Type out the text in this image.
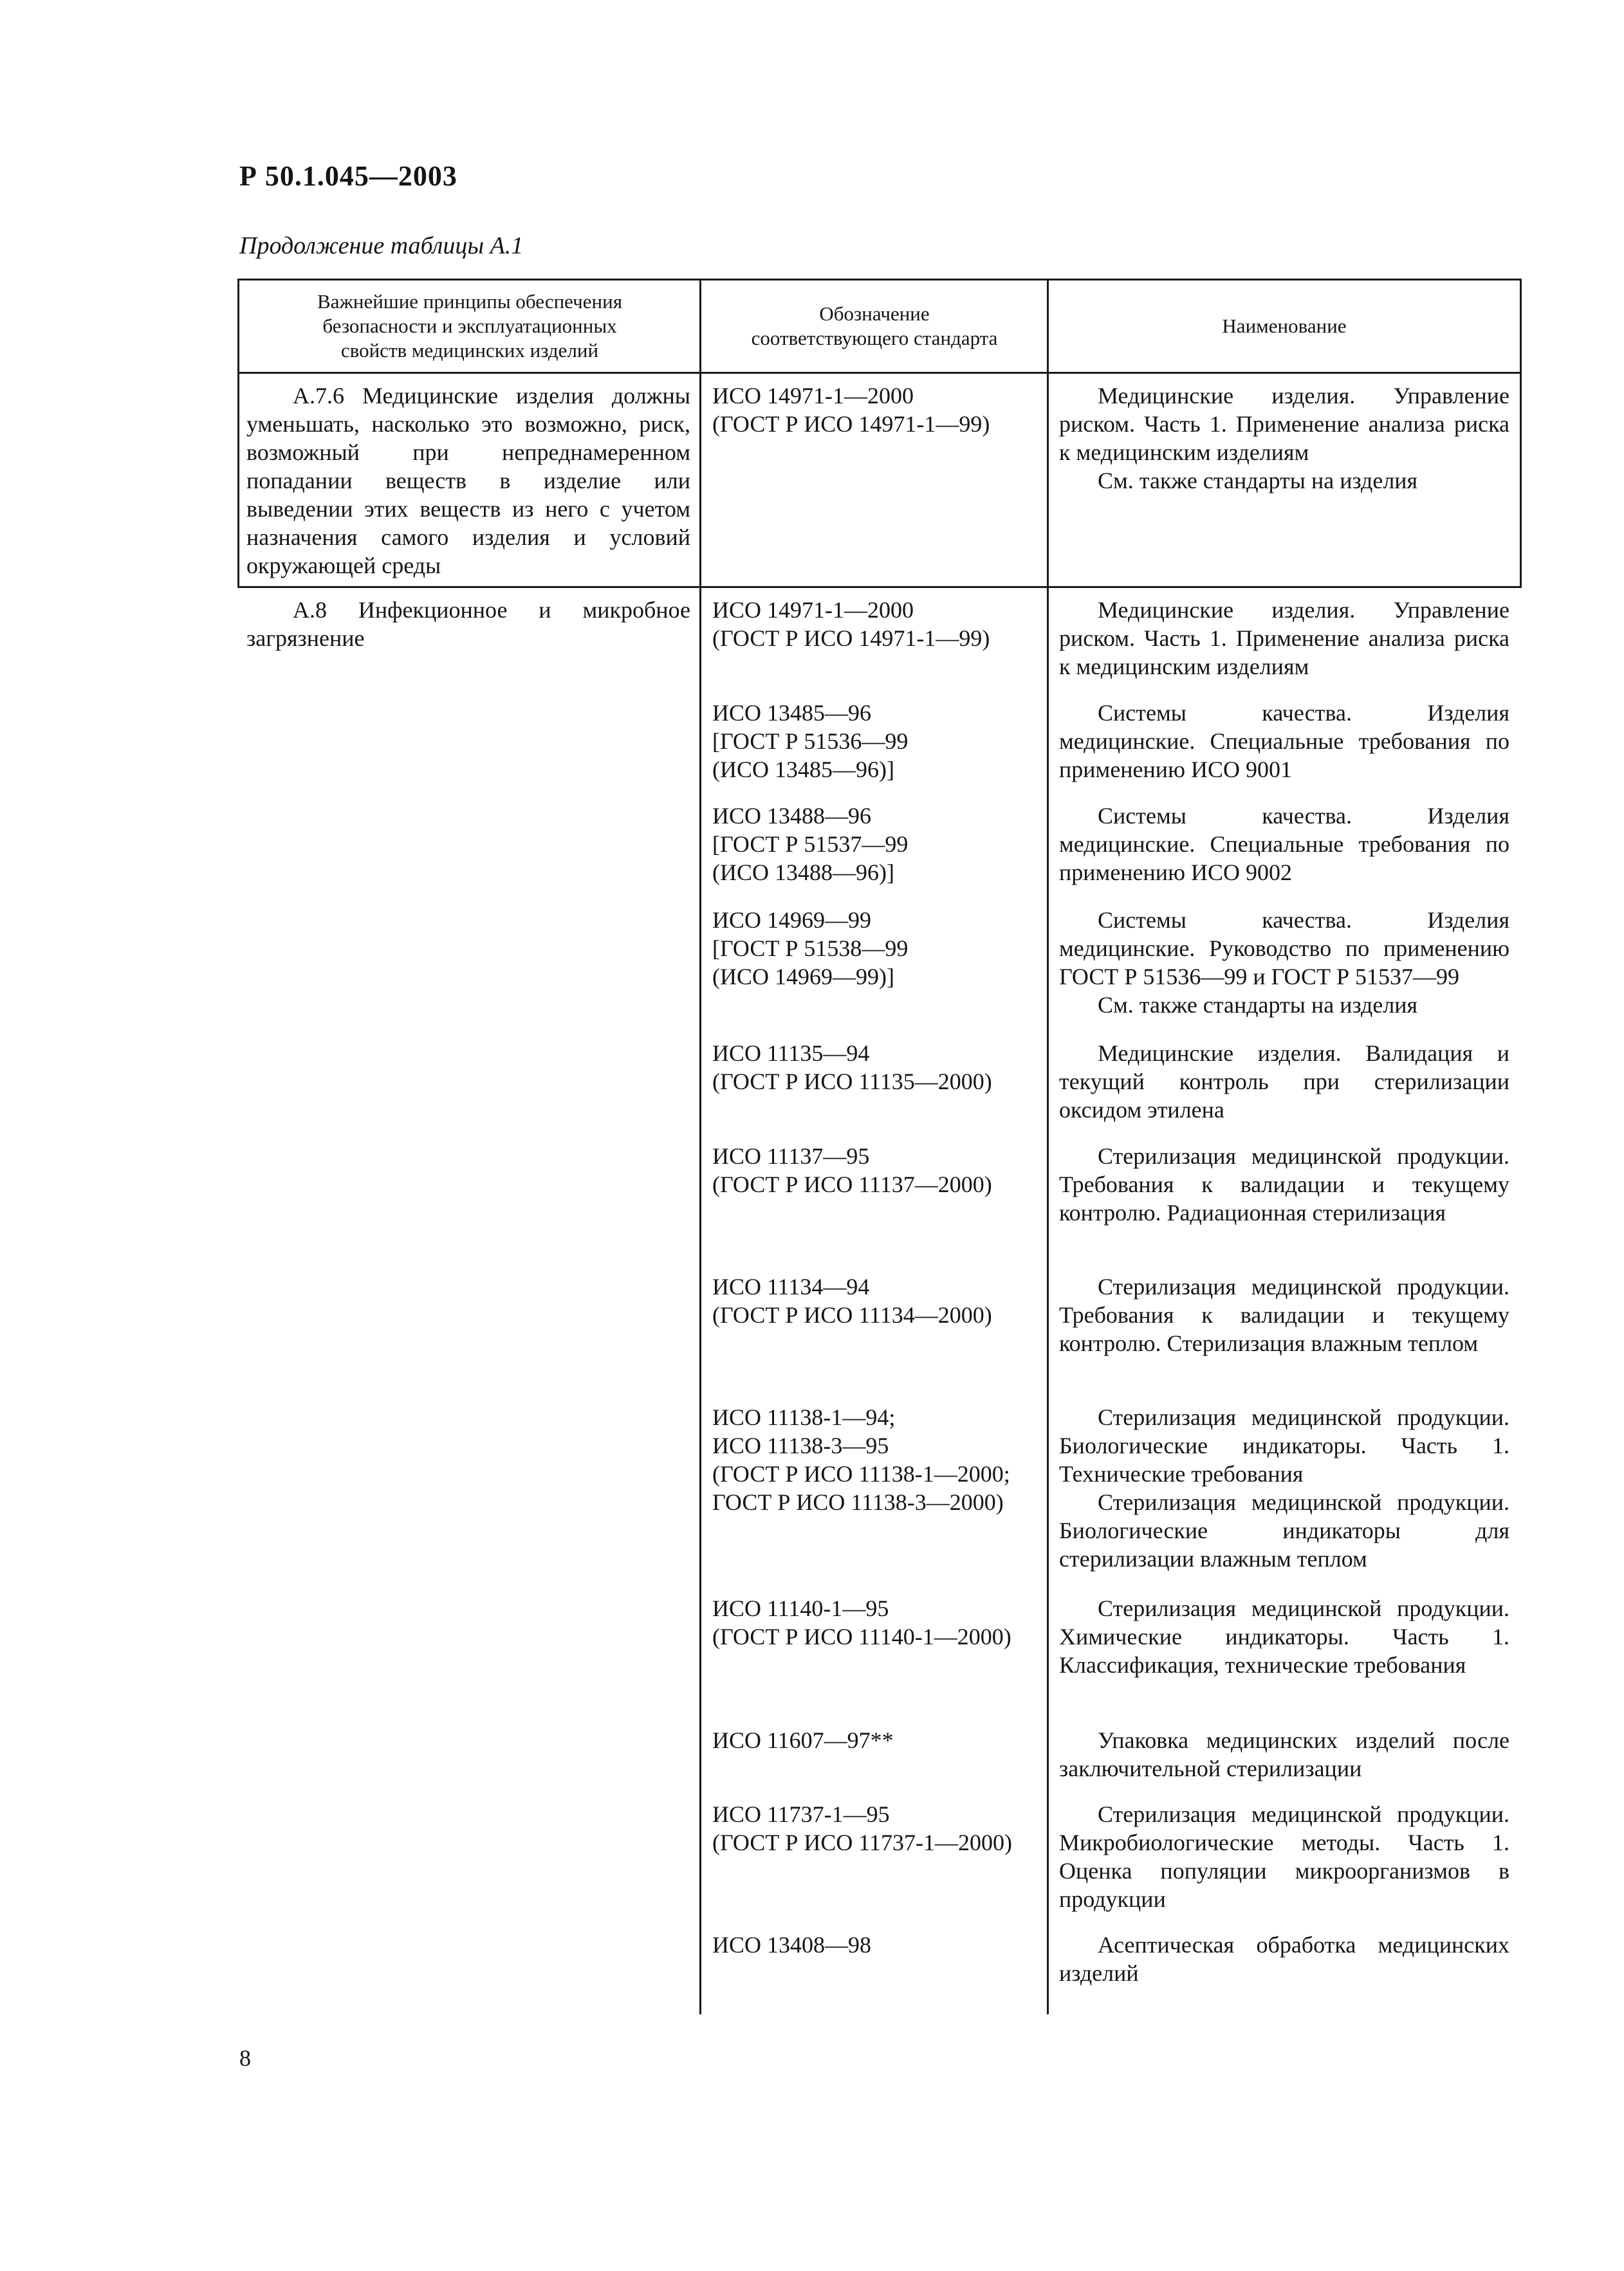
Р 50.1.045—2003
Продолжение таблицы А.1
Важнейшие принципы обеспечения
безопасности и эксплуатационных
свойств медицинских изделий
Обозначение
соответствующего стандарта
Наименование
А.7.6 Медицинские изделия должны уменьшать, насколько это возможно, риск, возможный при непреднамеренном попадании веществ в изделие или выведении этих веществ из него с учетом назначения самого изделия и условий окружающей среды
А.8 Инфекционное и микробное загрязнение
ИСО 14971-1—2000
(ГОСТ Р ИСО 14971-1—99)
ИСО 14971-1—2000
(ГОСТ Р ИСО 14971-1—99)
ИСО 13485—96
[ГОСТ Р 51536—99
(ИСО 13485—96)]
ИСО 13488—96
[ГОСТ Р 51537—99
(ИСО 13488—96)]
ИСО 14969—99
[ГОСТ Р 51538—99
(ИСО 14969—99)]
ИСО 11135—94
(ГОСТ Р ИСО 11135—2000)
ИСО 11137—95
(ГОСТ Р ИСО 11137—2000)
ИСО 11134—94
(ГОСТ Р ИСО 11134—2000)
ИСО 11138-1—94;
ИСО 11138-3—95
(ГОСТ Р ИСО 11138-1—2000;
ГОСТ Р ИСО 11138-3—2000)
ИСО 11140-1—95
(ГОСТ Р ИСО 11140-1—2000)
ИСО 11607—97**
ИСО 11737-1—95
(ГОСТ Р ИСО 11737-1—2000)
ИСО 13408—98

Медицинские изделия. Управление риском. Часть 1. Применение анализа риска к медицинским изделиям

См. также стандарты на изделия

Медицинские изделия. Управление риском. Часть 1. Применение анализа риска к медицинским изделиям

Системы качества. Изделия медицинские. Специальные требования по применению ИСО 9001

Системы качества. Изделия медицинские. Специальные требования по применению ИСО 9002

Системы качества. Изделия медицинские. Руководство по применению ГОСТ Р 51536—99 и ГОСТ Р 51537—99

См. также стандарты на изделия

Медицинские изделия. Валидация и текущий контроль при стерилизации оксидом этилена

Стерилизация медицинской продукции. Требования к валидации и текущему контролю. Радиационная стерилизация

Стерилизация медицинской продукции. Требования к валидации и текущему контролю. Стерилизация влажным теплом

Стерилизация медицинской продукции. Биологические индикаторы. Часть 1. Технические требования

Стерилизация медицинской продукции. Биологические индикаторы для стерилизации влажным теплом

Стерилизация медицинской продукции. Химические индикаторы. Часть 1. Классификация, технические требования

Упаковка медицинских изделий после заключительной стерилизации

Стерилизация медицинской продукции. Микробиологические методы. Часть 1. Оценка популяции микроорганизмов в продукции

Асептическая обработка медицинских изделий

8
